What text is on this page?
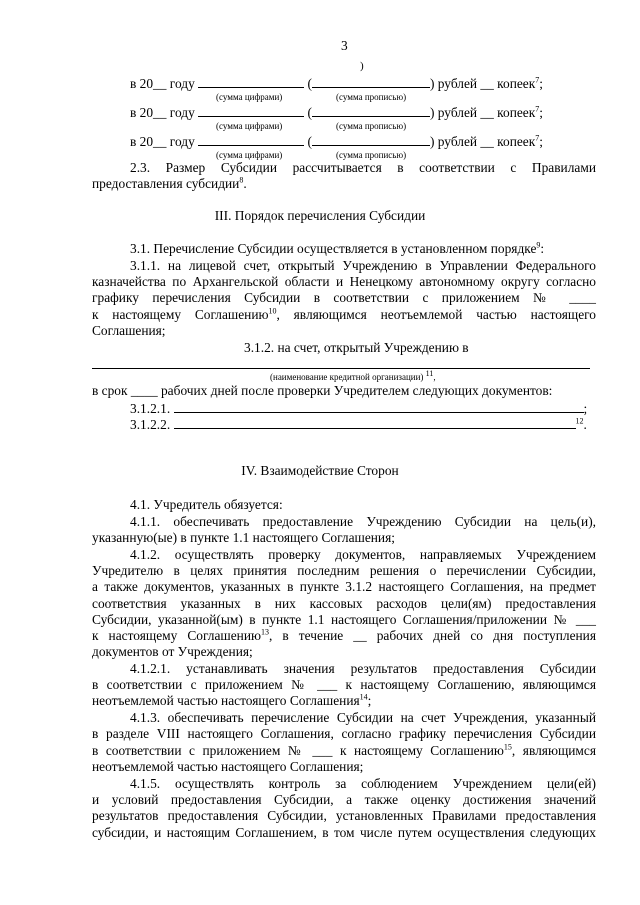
3
)
в 20__ году	(	) рублей __ копеек$^7$;
(сумма цифрами)	(сумма прописью)
в 20__ году	(	) рублей __ копеек$^7$;
(сумма цифрами)	(сумма прописью)
в 20__ году	(	) рублей __ копеек$^7$;
(сумма цифрами)	(сумма прописью)
2.3. Размер Субсидии рассчитывается в соответствии с Правилами
предоставления субсидии$^8$.
III. Порядок перечисления Субсидии
3.1. Перечисление Субсидии осуществляется в установленном порядке$^9$:
3.1.1. на лицевой счет, открытый Учреждению в Управлении Федерального
казначейства по Архангельской области и Ненецкому автономному округу согласно
графику перечисления Субсидии в соответствии с приложением № ____
к настоящему Соглашению$^{10}$, являющимся неотъемлемой частью настоящего
Соглашения;
3.1.2. на счет, открытый Учреждению в
(наименование кредитной организации) 11,
в срок ____ рабочих дней после проверки Учредителем следующих документов:
3.1.2.1.	;
3.1.2.2.	$^{12}$.
IV. Взаимодействие Сторон
4.1. Учредитель обязуется:
4.1.1. обеспечивать предоставление Учреждению Субсидии на цель(и),
указанную(ые) в пункте 1.1 настоящего Соглашения;
4.1.2. осуществлять проверку документов, направляемых Учреждением
Учредителю в целях принятия последним решения о перечислении Субсидии,
а также документов, указанных в пункте 3.1.2 настоящего Соглашения, на предмет
соответствия указанных в них кассовых расходов цели(ям) предоставления
Субсидии, указанной(ым) в пункте 1.1 настоящего Соглашения/приложении № ___
к настоящему Соглашению$^{13}$, в течение __ рабочих дней со дня поступления
документов от Учреждения;
4.1.2.1. устанавливать значения результатов предоставления Субсидии
в соответствии с приложением № ___ к настоящему Соглашению, являющимся
неотъемлемой частью настоящего Соглашения$^{14}$;
4.1.3. обеспечивать перечисление Субсидии на счет Учреждения, указанный
в разделе VIII настоящего Соглашения, согласно графику перечисления Субсидии
в соответствии с приложением № ___ к настоящему Соглашению$^{15}$, являющимся
неотъемлемой частью настоящего Соглашения;
4.1.5. осуществлять контроль за соблюдением Учреждением цели(ей)
и условий предоставления Субсидии, а также оценку достижения значений
результатов предоставления Субсидии, установленных Правилами предоставления
субсидии, и настоящим Соглашением, в том числе путем осуществления следующих
